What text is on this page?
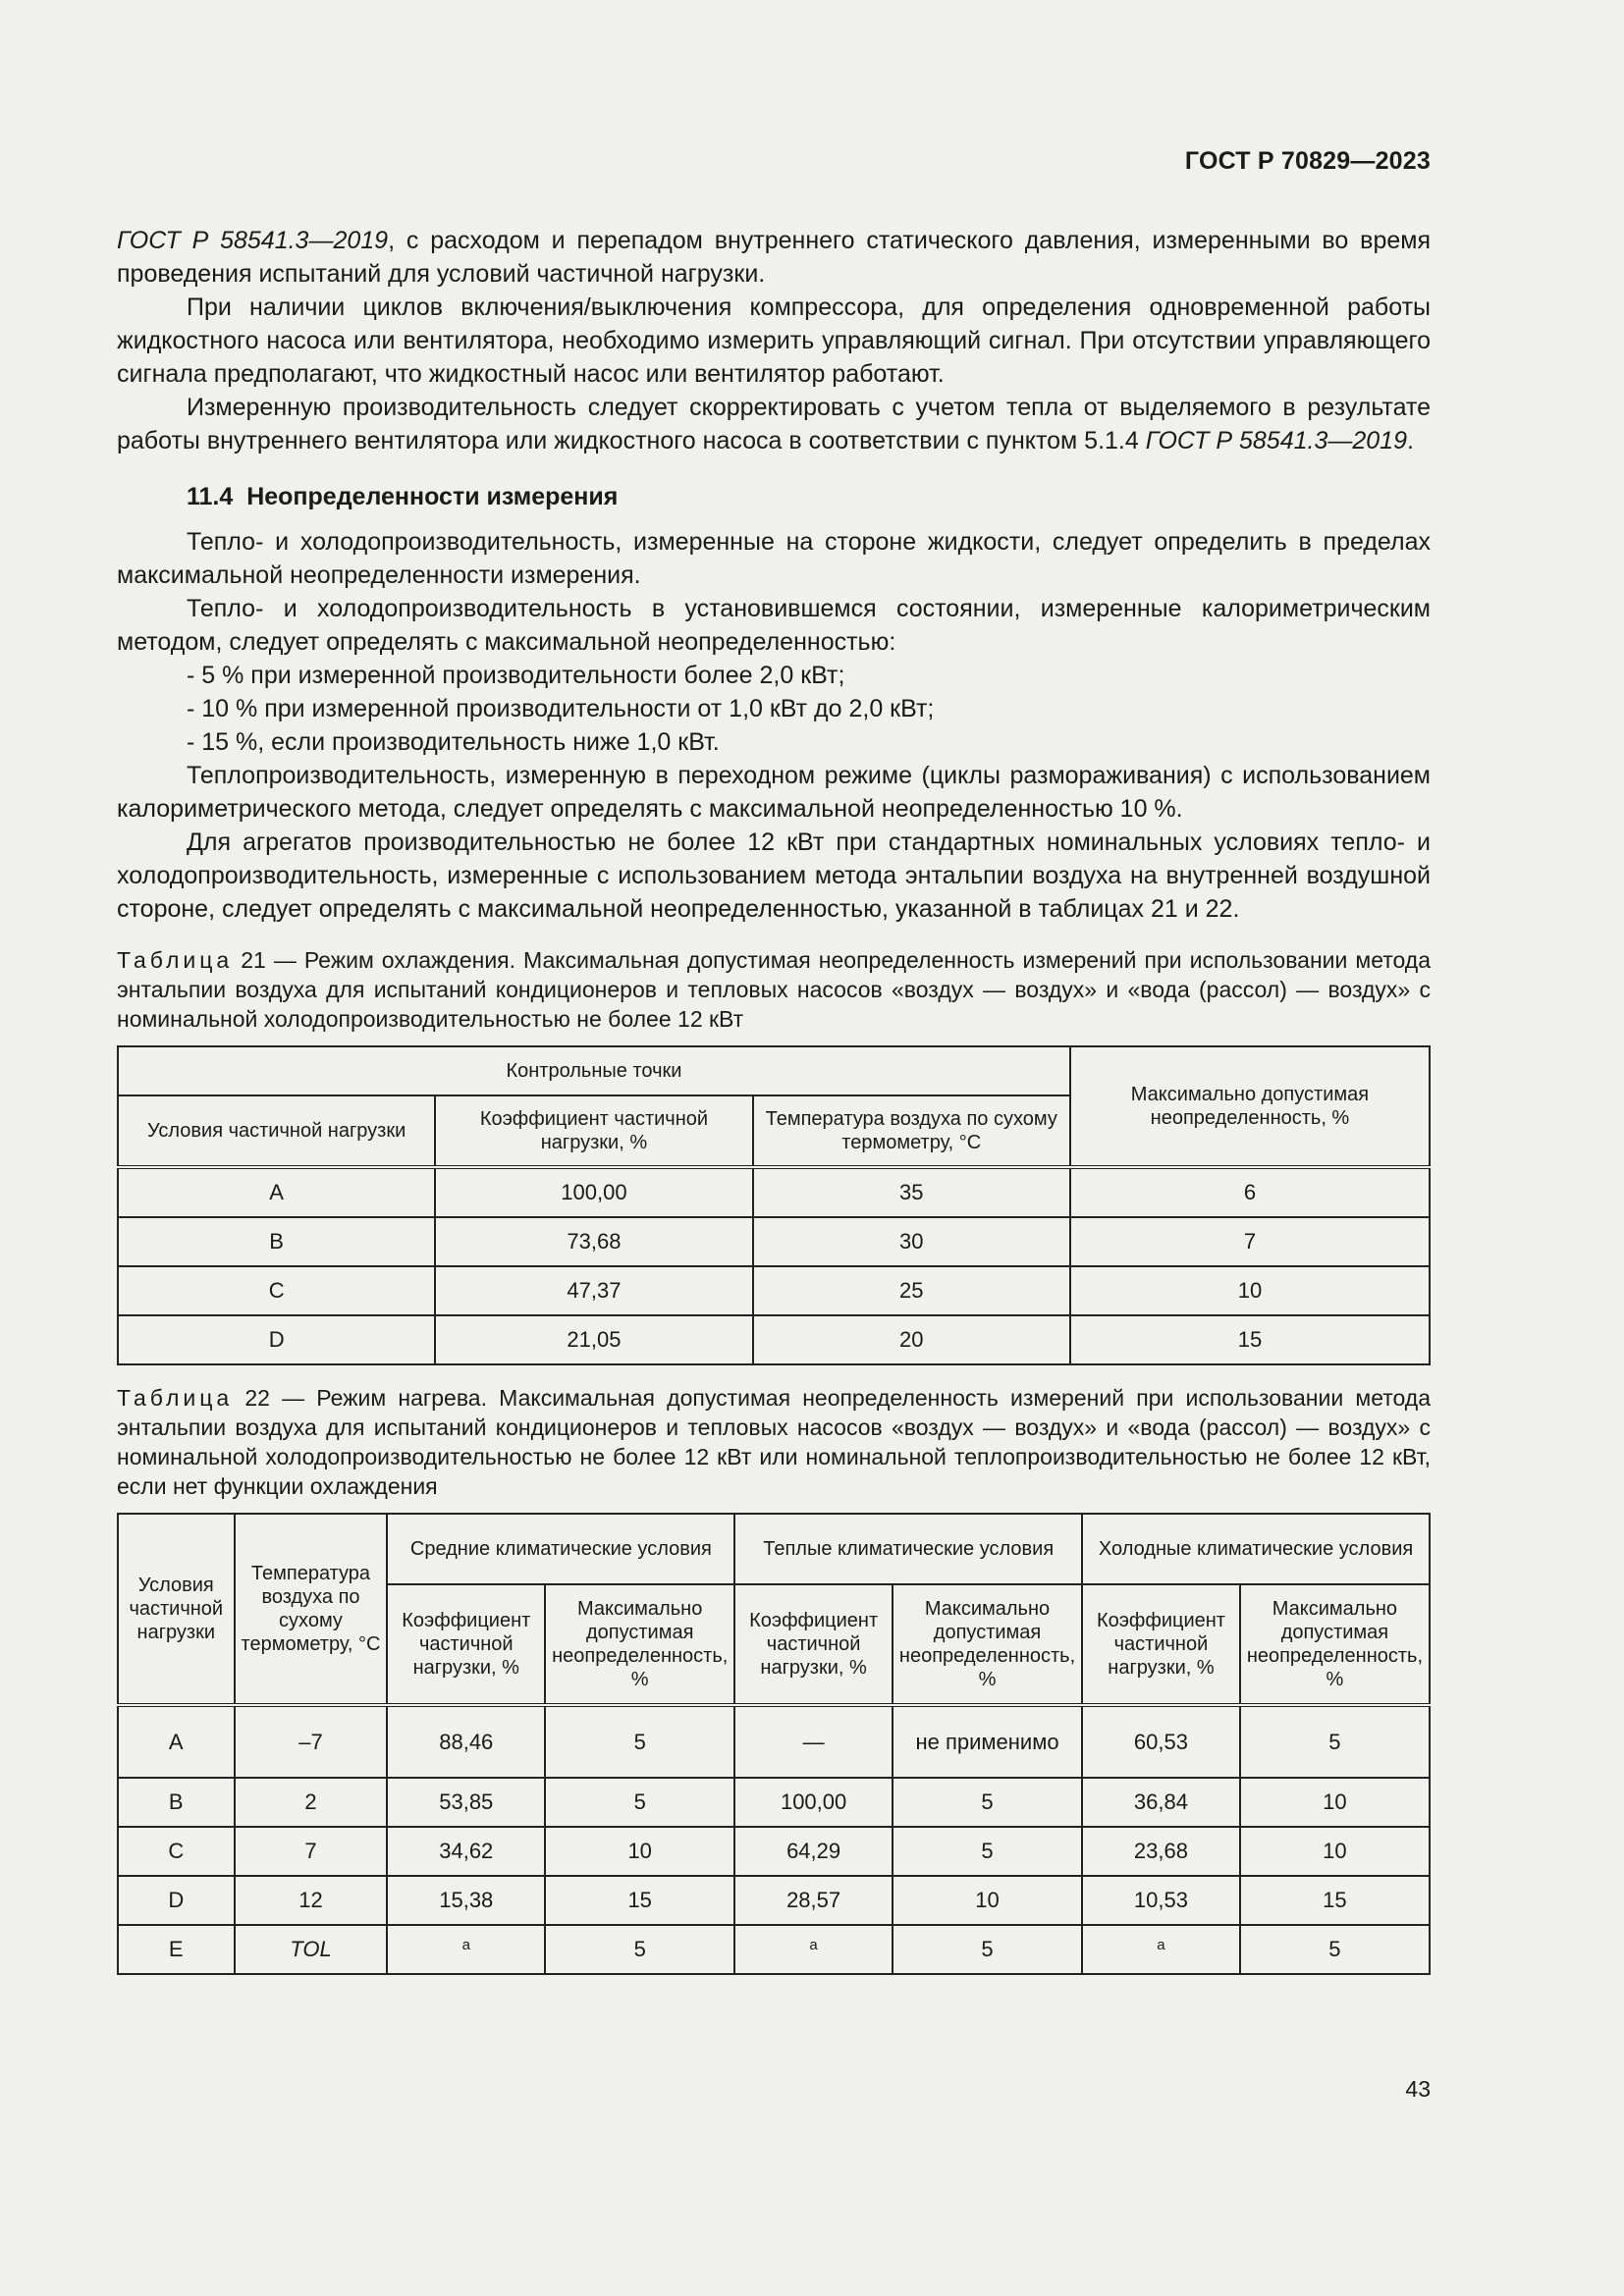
ГОСТ Р 70829—2023

ГОСТ Р 58541.3—2019, с расходом и перепадом внутреннего статического давления, измеренными во время проведения испытаний для условий частичной нагрузки.

При наличии циклов включения/выключения компрессора, для определения одновременной работы жидкостного насоса или вентилятора, необходимо измерить управляющий сигнал. При отсутствии управляющего сигнала предполагают, что жидкостный насос или вентилятор работают.

Измеренную производительность следует скорректировать с учетом тепла от выделяемого в результате работы внутреннего вентилятора или жидкостного насоса в соответствии с пунктом 5.1.4 ГОСТ Р 58541.3—2019.

11.4 Неопределенности измерения

Тепло- и холодопроизводительность, измеренные на стороне жидкости, следует определить в пределах максимальной неопределенности измерения.

Тепло- и холодопроизводительность в установившемся состоянии, измеренные калориметрическим методом, следует определять с максимальной неопределенностью:

- 5 % при измеренной производительности более 2,0 кВт;

- 10 % при измеренной производительности от 1,0 кВт до 2,0 кВт;

- 15 %, если производительность ниже 1,0 кВт.

Теплопроизводительность, измеренную в переходном режиме (циклы размораживания) с использованием калориметрического метода, следует определять с максимальной неопределенностью 10 %.

Для агрегатов производительностью не более 12 кВт при стандартных номинальных условиях тепло- и холодопроизводительность, измеренные с использованием метода энтальпии воздуха на внутренней воздушной стороне, следует определять с максимальной неопределенностью, указанной в таблицах 21 и 22.

Таблица 21 — Режим охлаждения. Максимальная допустимая неопределенность измерений при использовании метода энтальпии воздуха для испытаний кондиционеров и тепловых насосов «воздух — воздух» и «вода (рассол) — воздух» с номинальной холодопроизводительностью не более 12 кВт

Контрольные точки			Максимально допустимая неопределенность, %
Условия частичной нагрузки	Коэффициент частичной нагрузки, %	Температура воздуха по сухому термометру, °С	
A	100,00	35	6
B	73,68	30	7
C	47,37	25	10
D	21,05	20	15

Таблица 22 — Режим нагрева. Максимальная допустимая неопределенность измерений при использовании метода энтальпии воздуха для испытаний кондиционеров и тепловых насосов «воздух — воздух» и «вода (рассол) — воздух» с номинальной холодопроизводительностью не более 12 кВт или номинальной теплопроизводительностью не более 12 кВт, если нет функции охлаждения

Условия частичной нагрузки	Температура воздуха по сухому термометру, °С	Средние климатические условия		Теплые климатические условия		Холодные климатические условия	
		Коэффициент частичной нагрузки, %	Максимально допустимая неопределенность, %	Коэффициент частичной нагрузки, %	Максимально допустимая неопределенность, %	Коэффициент частичной нагрузки, %	Максимально допустимая неопределенность, %
A	–7	88,46	5	—	не применимо	60,53	5
B	2	53,85	5	100,00	5	36,84	10
C	7	34,62	10	64,29	5	23,68	10
D	12	15,38	15	28,57	10	10,53	15
E	TOL	$^a$	5	$^a$	5	$^a$	5
43
